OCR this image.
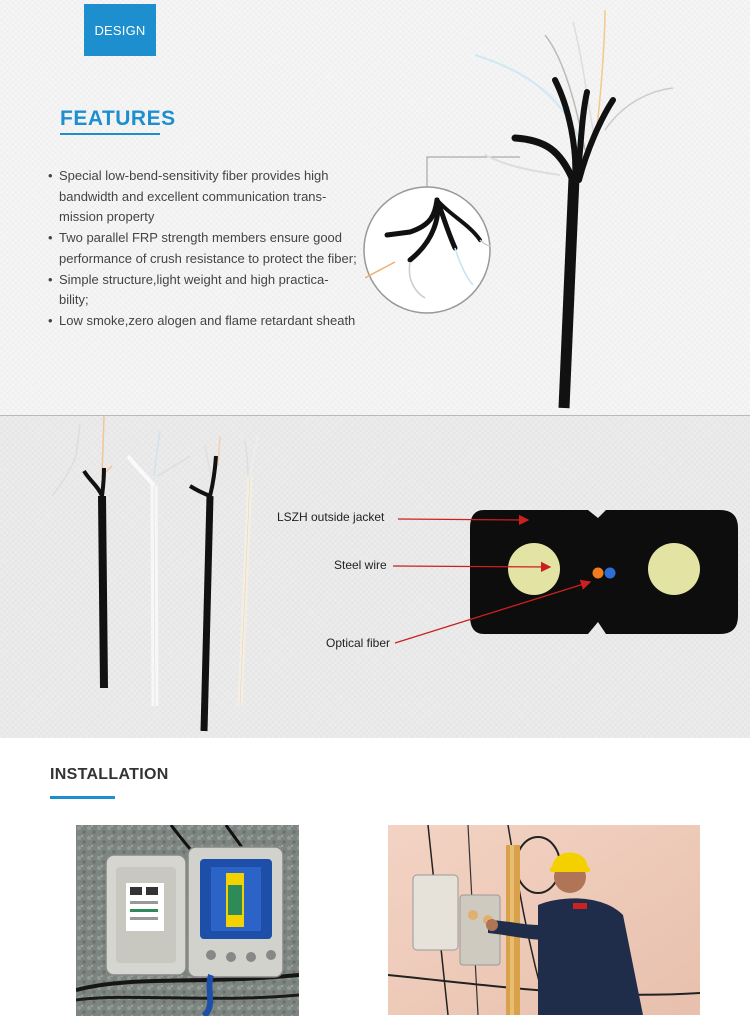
DESIGN
FEATURES
• Special low-bend-sensitivity fiber provides high bandwidth and excellent communication trans-mission property
• Two parallel FRP strength members ensure good performance of crush resistance to protect the fiber;
• Simple structure,light weight and high practica-bility;
• Low smoke,zero alogen and flame retardant sheath
LSZH outside jacket
Steel wire
Optical fiber
INSTALLATION
